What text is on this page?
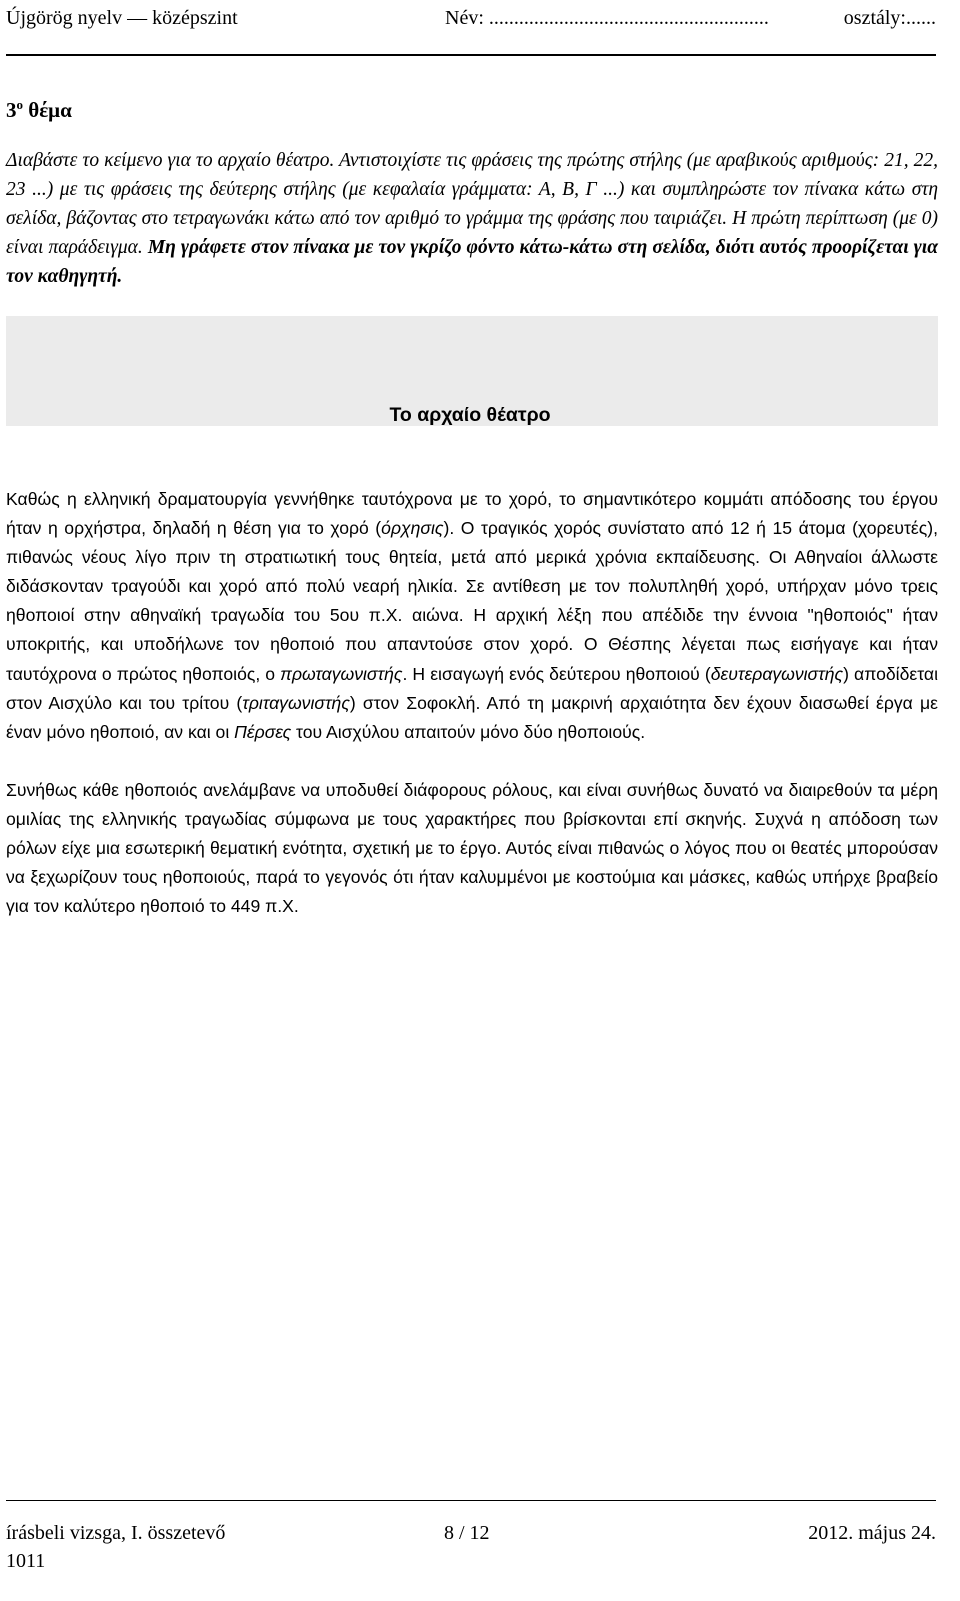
Újgörög nyelv — középszint	Név: ........................................................	osztály:......
$3^o$ θέμα
Διαβάστε το κείμενο για το αρχαίο θέατρο. Αντιστοιχίστε τις φράσεις της πρώτης στήλης (με αραβικούς αριθμούς: 21, 22, 23 ...) με τις φράσεις της δεύτερης στήλης (με κεφαλαία γράμματα: Α, Β, Γ ...) και συμπληρώστε τον πίνακα κάτω στη σελίδα, βάζοντας στο τετραγωνάκι κάτω από τον αριθμό το γράμμα της φράσης που ταιριάζει. Η πρώτη περίπτωση (με 0) είναι παράδειγμα. Μη γράφετε στον πίνακα με τον γκρίζο φόντο κάτω-κάτω στη σελίδα, διότι αυτός προορίζεται για τον καθηγητή.
Το αρχαίο θέατρο

Καθώς η ελληνική δραματουργία γεννήθηκε ταυτόχρονα με το χορό, το σημαντικότερο κομμάτι απόδοσης του έργου ήταν η ορχήστρα, δηλαδή η θέση για το χορό (όρχησις). Ο τραγικός χορός συνίστατο από 12 ή 15 άτομα (χορευτές), πιθανώς νέους λίγο πριν τη στρατιωτική τους θητεία, μετά από μερικά χρόνια εκπαίδευσης. Οι Αθηναίοι άλλωστε διδάσκονταν τραγούδι και χορό από πολύ νεαρή ηλικία. Σε αντίθεση με τον πολυπληθή χορό, υπήρχαν μόνο τρεις ηθοποιοί στην αθηναϊκή τραγωδία του 5ου π.Χ. αιώνα. Η αρχική λέξη που απέδιδε την έννοια "ηθοποιός" ήταν υποκριτής, και υποδήλωνε τον ηθοποιό που απαντούσε στον χορό. Ο Θέσπης λέγεται πως εισήγαγε και ήταν ταυτόχρονα ο πρώτος ηθοποιός, ο πρωταγωνιστής. Η εισαγωγή ενός δεύτερου ηθοποιού (δευτεραγωνιστής) αποδίδεται στον Αισχύλο και του τρίτου (τριταγωνιστής) στον Σοφοκλή. Από τη μακρινή αρχαιότητα δεν έχουν διασωθεί έργα με έναν μόνο ηθοποιό, αν και οι Πέρσες του Αισχύλου απαιτούν μόνο δύο ηθοποιούς.

Συνήθως κάθε ηθοποιός ανελάμβανε να υποδυθεί διάφορους ρόλους, και είναι συνήθως δυνατό να διαιρεθούν τα μέρη ομιλίας της ελληνικής τραγωδίας σύμφωνα με τους χαρακτήρες που βρίσκονται επί σκηνής. Συχνά η απόδοση των ρόλων είχε μια εσωτερική θεματική ενότητα, σχετική με το έργο. Αυτός είναι πιθανώς ο λόγος που οι θεατές μπορούσαν να ξεχωρίζουν τους ηθοποιούς, παρά το γεγονός ότι ήταν καλυμμένοι με κοστούμια και μάσκες, καθώς υπήρχε βραβείο για τον καλύτερο ηθοποιό το 449 π.Χ.

írásbeli vizsga, I. összetevő	8 / 12	2012. május 24.
1011
